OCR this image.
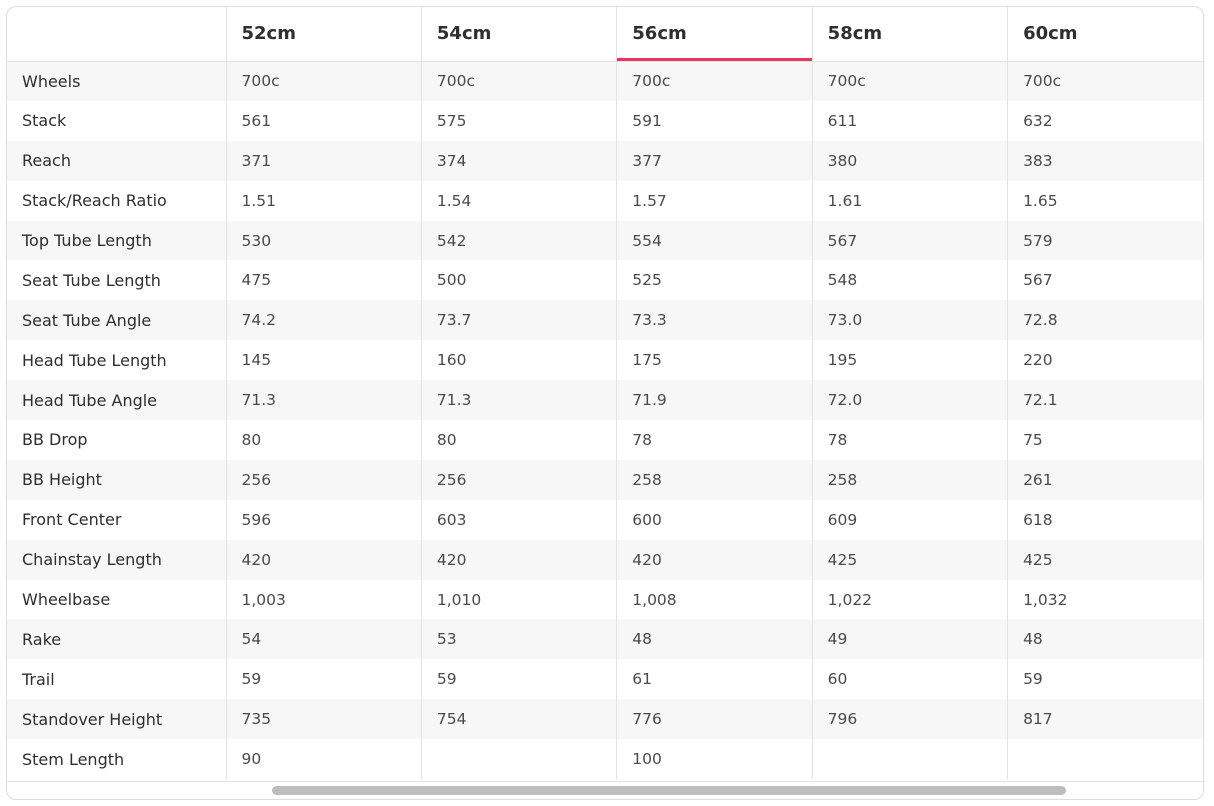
	52cm	54cm	56cm	58cm	60cm
Wheels	700c	700c	700c	700c	700c
Stack	561	575	591	611	632
Reach	371	374	377	380	383
Stack/Reach Ratio	1.51	1.54	1.57	1.61	1.65
Top Tube Length	530	542	554	567	579
Seat Tube Length	475	500	525	548	567
Seat Tube Angle	74.2	73.7	73.3	73.0	72.8
Head Tube Length	145	160	175	195	220
Head Tube Angle	71.3	71.3	71.9	72.0	72.1
BB Drop	80	80	78	78	75
BB Height	256	256	258	258	261
Front Center	596	603	600	609	618
Chainstay Length	420	420	420	425	425
Wheelbase	1,003	1,010	1,008	1,022	1,032
Rake	54	53	48	49	48
Trail	59	59	61	60	59
Standover Height	735	754	776	796	817
Stem Length	90		100		
